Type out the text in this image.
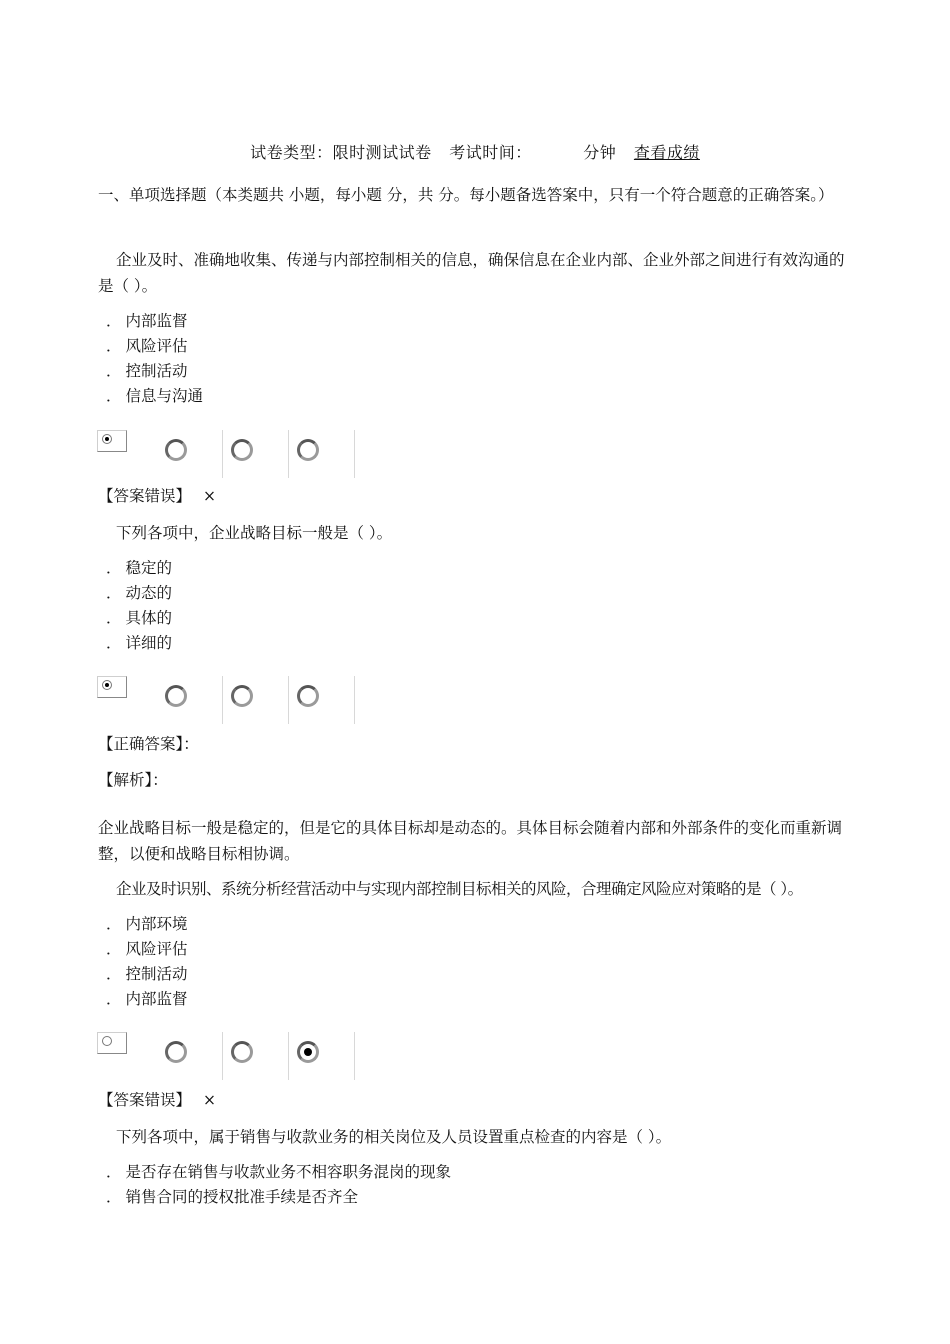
试卷类型：限时测试试卷 考试时间：	分钟 查看成绩
一、单项选择题（本类题共 小题，每小题 分，共 分。每小题备选答案中，只有一个符合题意的正确答案。）
企业及时、准确地收集、传递与内部控制相关的信息，确保信息在企业内部、企业外部之间进行有效沟通的是（ ）。
． 内部监督
． 风险评估
． 控制活动
． 信息与沟通
【答案错误】 ×
下列各项中，企业战略目标一般是（ ）。
． 稳定的
． 动态的
． 具体的
． 详细的
【正确答案】：
【解析】：
企业战略目标一般是稳定的，但是它的具体目标却是动态的。具体目标会随着内部和外部条件的变化而重新调整，以便和战略目标相协调。
企业及时识别、系统分析经营活动中与实现内部控制目标相关的风险，合理确定风险应对策略的是（ ）。
． 内部环境
． 风险评估
． 控制活动
． 内部监督
【答案错误】 ×
下列各项中，属于销售与收款业务的相关岗位及人员设置重点检查的内容是（ ）。
． 是否存在销售与收款业务不相容职务混岗的现象
． 销售合同的授权批准手续是否齐全
